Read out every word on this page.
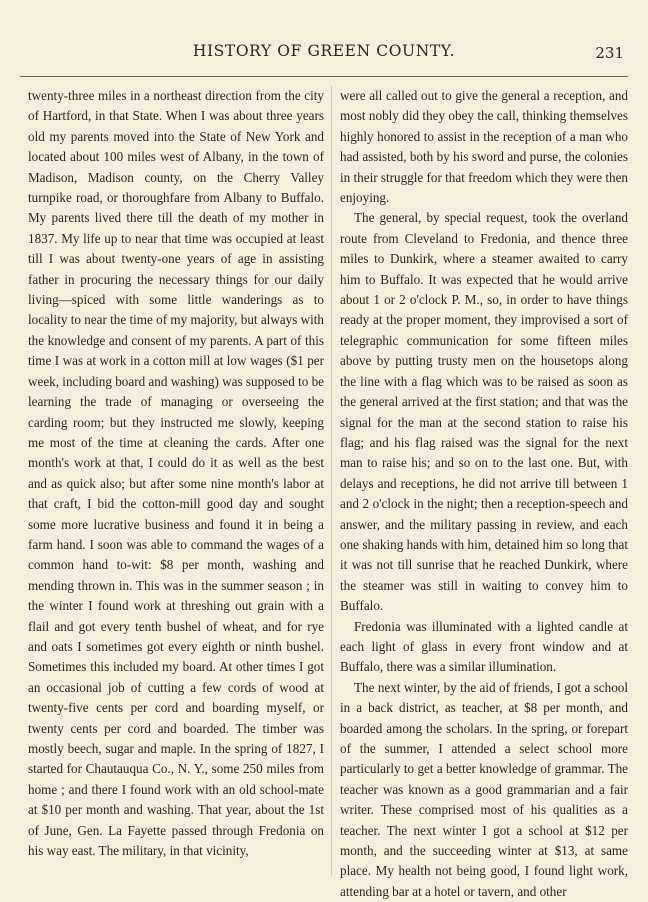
HISTORY OF GREEN COUNTY.	231

twenty-three miles in a northeast direction from the city of Hartford, in that State. When I was about three years old my parents moved into the State of New York and located about 100 miles west of Albany, in the town of Madison, Madison county, on the Cherry Valley turnpike road, or thoroughfare from Albany to Buffalo. My parents lived there till the death of my mother in 1837. My life up to near that time was occupied at least till I was about twenty-one years of age in assisting father in procuring the necessary things for our daily living—spiced with some little wanderings as to locality to near the time of my majority, but always with the knowledge and consent of my parents. A part of this time I was at work in a cotton mill at low wages ($1 per week, including board and washing) was supposed to be learning the trade of managing or overseeing the carding room; but they instructed me slowly, keeping me most of the time at cleaning the cards. After one month's work at that, I could do it as well as the best and as quick also; but after some nine month's labor at that craft, I bid the cotton-mill good day and sought some more lucrative business and found it in being a farm hand. I soon was able to command the wages of a common hand to-wit: $8 per month, washing and mending thrown in. This was in the summer season ; in the winter I found work at threshing out grain with a flail and got every tenth bushel of wheat, and for rye and oats I sometimes got every eighth or ninth bushel. Sometimes this included my board. At other times I got an occasional job of cutting a few cords of wood at twenty-five cents per cord and boarding myself, or twenty cents per cord and boarded. The timber was mostly beech, sugar and maple. In the spring of 1827, I started for Chautauqua Co., N. Y., some 250 miles from home ; and there I found work with an old school-mate at $10 per month and washing. That year, about the 1st of June, Gen. La Fayette passed through Fredonia on his way east. The military, in that vicinity,

were all called out to give the general a reception, and most nobly did they obey the call, thinking themselves highly honored to assist in the reception of a man who had assisted, both by his sword and purse, the colonies in their struggle for that freedom which they were then enjoying.

The general, by special request, took the overland route from Cleveland to Fredonia, and thence three miles to Dunkirk, where a steamer awaited to carry him to Buffalo. It was expected that he would arrive about 1 or 2 o'clock P. M., so, in order to have things ready at the proper moment, they improvised a sort of telegraphic communication for some fifteen miles above by putting trusty men on the housetops along the line with a flag which was to be raised as soon as the general arrived at the first station; and that was the signal for the man at the second station to raise his flag; and his flag raised was the signal for the next man to raise his; and so on to the last one. But, with delays and receptions, he did not arrive till between 1 and 2 o'clock in the night; then a reception-speech and answer, and the military passing in review, and each one shaking hands with him, detained him so long that it was not till sunrise that he reached Dunkirk, where the steamer was still in waiting to convey him to Buffalo.

Fredonia was illuminated with a lighted candle at each light of glass in every front window and at Buffalo, there was a similar illumination.

The next winter, by the aid of friends, I got a school in a back district, as teacher, at $8 per month, and boarded among the scholars. In the spring, or forepart of the summer, I attended a select school more particularly to get a better knowledge of grammar. The teacher was known as a good grammarian and a fair writer. These comprised most of his qualities as a teacher. The next winter I got a school at $12 per month, and the succeeding winter at $13, at same place. My health not being good, I found light work, attending bar at a hotel or tavern, and other
